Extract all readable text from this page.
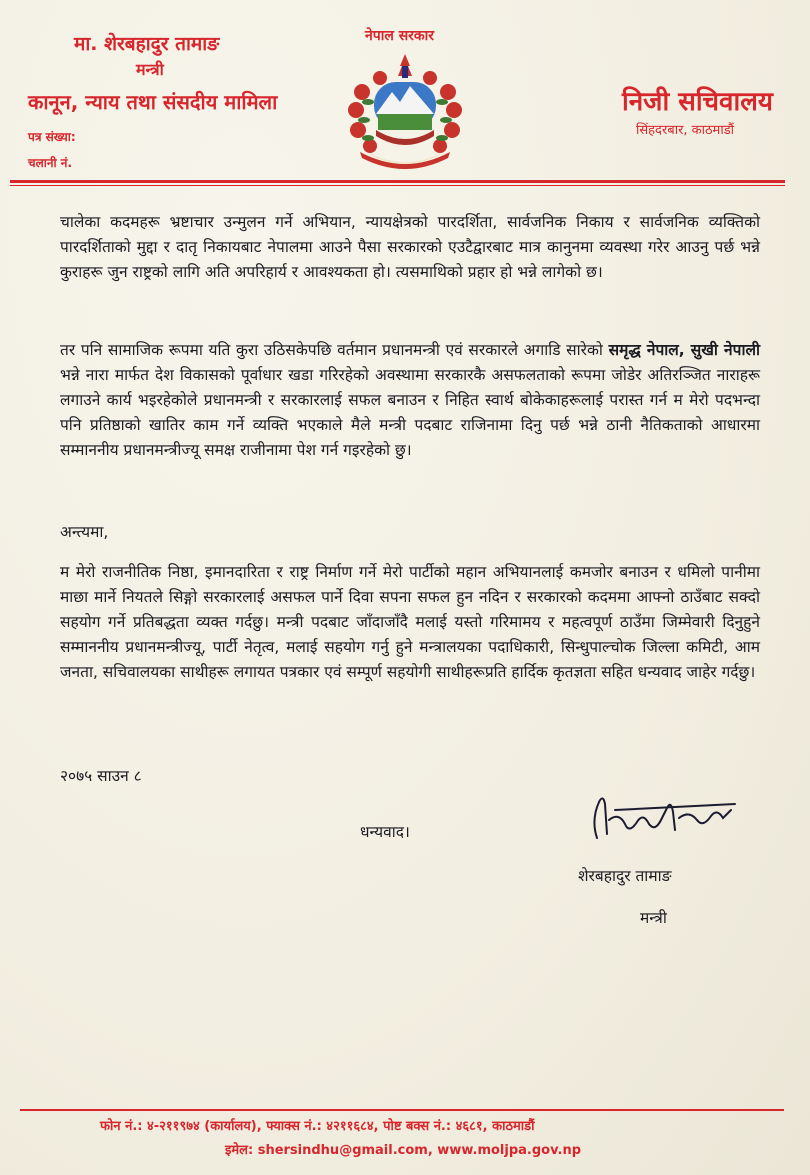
मा. शेरबहादुर तामाङ
मन्त्री
कानून, न्याय तथा संसदीय मामिला
पत्र संख्या:
चलानी नं.
नेपाल सरकार
निजी सचिवालय
सिंहदरबार, काठमाडौं
चालेका कदमहरू भ्रष्टाचार उन्मुलन गर्ने अभियान, न्यायक्षेत्रको पारदर्शिता, सार्वजनिक निकाय र सार्वजनिक व्यक्तिको पारदर्शिताको मुद्दा र दातृ निकायबाट नेपालमा आउने पैसा सरकारको एउटैद्वारबाट मात्र कानुनमा व्यवस्था गरेर आउनु पर्छ भन्ने कुराहरू जुन राष्ट्रको लागि अति अपरिहार्य र आवश्यकता हो। त्यसमाथिको प्रहार हो भन्ने लागेको छ।
तर पनि सामाजिक रूपमा यति कुरा उठिसकेपछि वर्तमान प्रधानमन्त्री एवं सरकारले अगाडि सारेको समृद्ध नेपाल, सुखी नेपाली भन्ने नारा मार्फत देश विकासको पूर्वाधार खडा गरिरहेको अवस्थामा सरकारकै असफलताको रूपमा जोडेर अतिरञ्जित नाराहरू लगाउने कार्य भइरहेकोले प्रधानमन्त्री र सरकारलाई सफल बनाउन र निहित स्वार्थ बोकेकाहरूलाई परास्त गर्न म मेरो पदभन्दा पनि प्रतिष्ठाको खातिर काम गर्ने व्यक्ति भएकाले मैले मन्त्री पदबाट राजिनामा दिनु पर्छ भन्ने ठानी नैतिकताको आधारमा सम्माननीय प्रधानमन्त्रीज्यू समक्ष राजीनामा पेश गर्न गइरहेको छु।
अन्त्यमा,
म मेरो राजनीतिक निष्ठा, इमानदारिता र राष्ट्र निर्माण गर्ने मेरो पार्टीको महान अभियानलाई कमजोर बनाउन र धमिलो पानीमा माछा मार्ने नियतले सिङ्गो सरकारलाई असफल पार्ने दिवा सपना सफल हुन नदिन र सरकारको कदममा आफ्नो ठाउँबाट सक्दो सहयोग गर्ने प्रतिबद्धता व्यक्त गर्दछु। मन्त्री पदबाट जाँदाजाँदै मलाई यस्तो गरिमामय र महत्वपूर्ण ठाउँमा जिम्मेवारी दिनुहुने सम्माननीय प्रधानमन्त्रीज्यू, पार्टी नेतृत्व, मलाई सहयोग गर्नु हुने मन्त्रालयका पदाधिकारी, सिन्धुपाल्चोक जिल्ला कमिटी, आम जनता, सचिवालयका साथीहरू लगायत पत्रकार एवं सम्पूर्ण सहयोगी साथीहरूप्रति हार्दिक कृतज्ञता सहित धन्यवाद जाहेर गर्दछु।
२०७५ साउन ८
धन्यवाद।
शेरबहादुर तामाङ
मन्त्री
फोन नं.: ४-२११९७४ (कार्यालय), फ्याक्स नं.: ४२११६८४, पोष्ट बक्स नं.: ४६८१, काठमाडौं
इमेल: shersindhu@gmail.com, www.moljpa.gov.np
